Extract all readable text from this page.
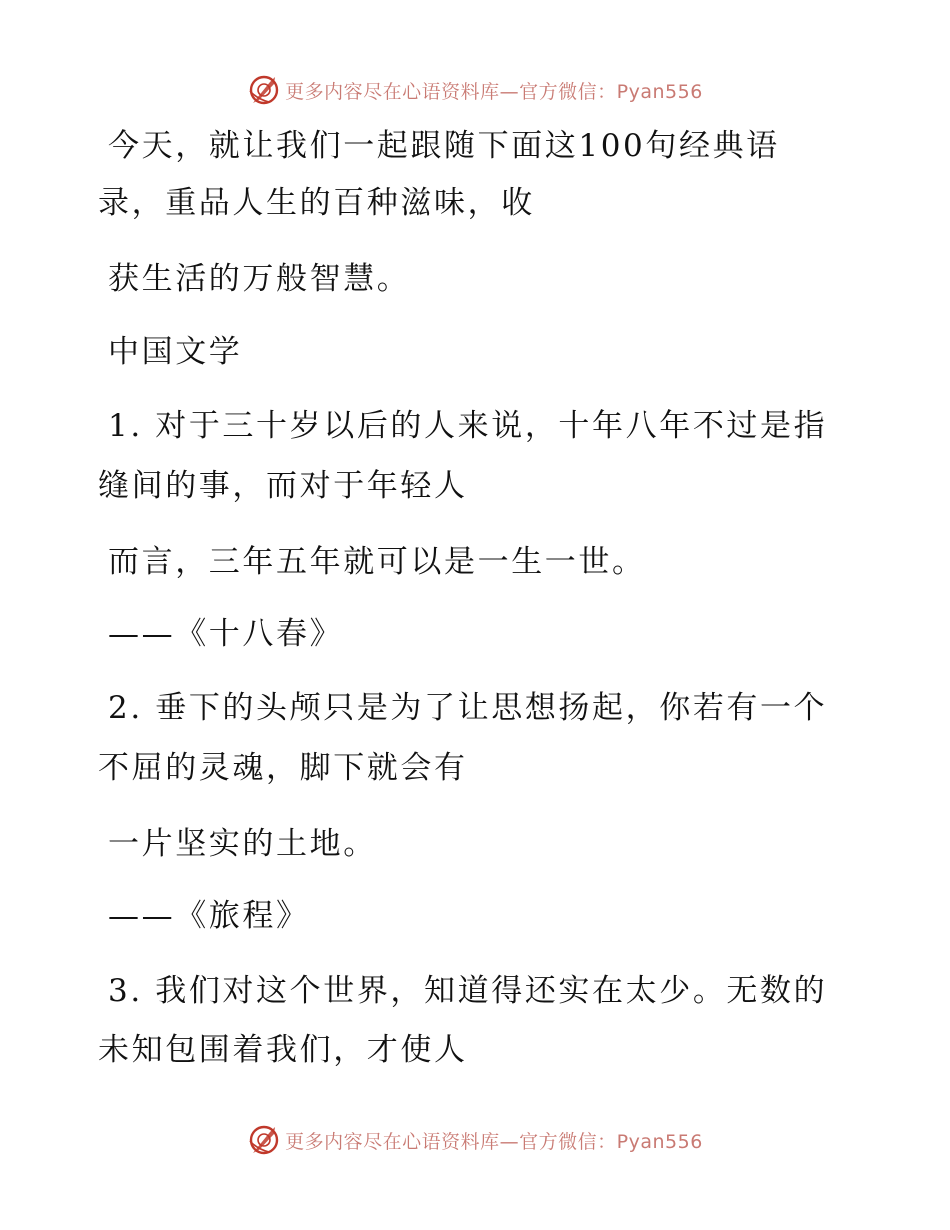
更多内容尽在心语资料库—官方微信：Pyan556
今天，就让我们一起跟随下面这100句经典语
录，重品人生的百种滋味，收
获生活的万般智慧。
中国文学
1. 对于三十岁以后的人来说，十年八年不过是指
缝间的事，而对于年轻人
而言，三年五年就可以是一生一世。
——《十八春》
2. 垂下的头颅只是为了让思想扬起，你若有一个
不屈的灵魂，脚下就会有
一片坚实的土地。
——《旅程》
3. 我们对这个世界，知道得还实在太少。无数的
未知包围着我们，才使人
更多内容尽在心语资料库—官方微信：Pyan556
